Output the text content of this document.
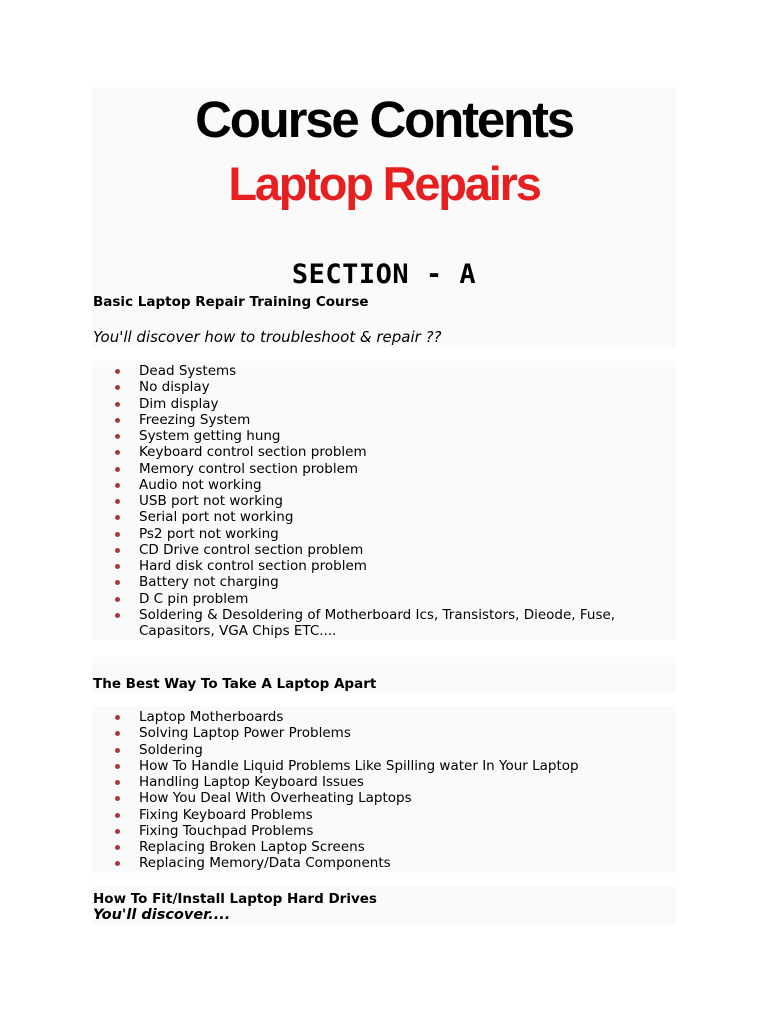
Course Contents
Laptop Repairs
SECTION - A

Basic Laptop Repair Training Course

You'll discover how to troubleshoot & repair ??

Dead Systems
No display
Dim display
Freezing System
System getting hung
Keyboard control section problem
Memory control section problem
Audio not working
USB port not working
Serial port not working
Ps2 port not working
CD Drive control section problem
Hard disk control section problem
Battery not charging
D C pin problem
Soldering & Desoldering of Motherboard Ics, Transistors, Dieode, Fuse, Capasitors, VGA Chips ETC....

The Best Way To Take A Laptop Apart

Laptop Motherboards
Solving Laptop Power Problems
Soldering
How To Handle Liquid Problems Like Spilling water In Your Laptop
Handling Laptop Keyboard Issues
How You Deal With Overheating Laptops
Fixing Keyboard Problems
Fixing Touchpad Problems
Replacing Broken Laptop Screens
Replacing Memory/Data Components

How To Fit/Install Laptop Hard Drives

You'll discover....
